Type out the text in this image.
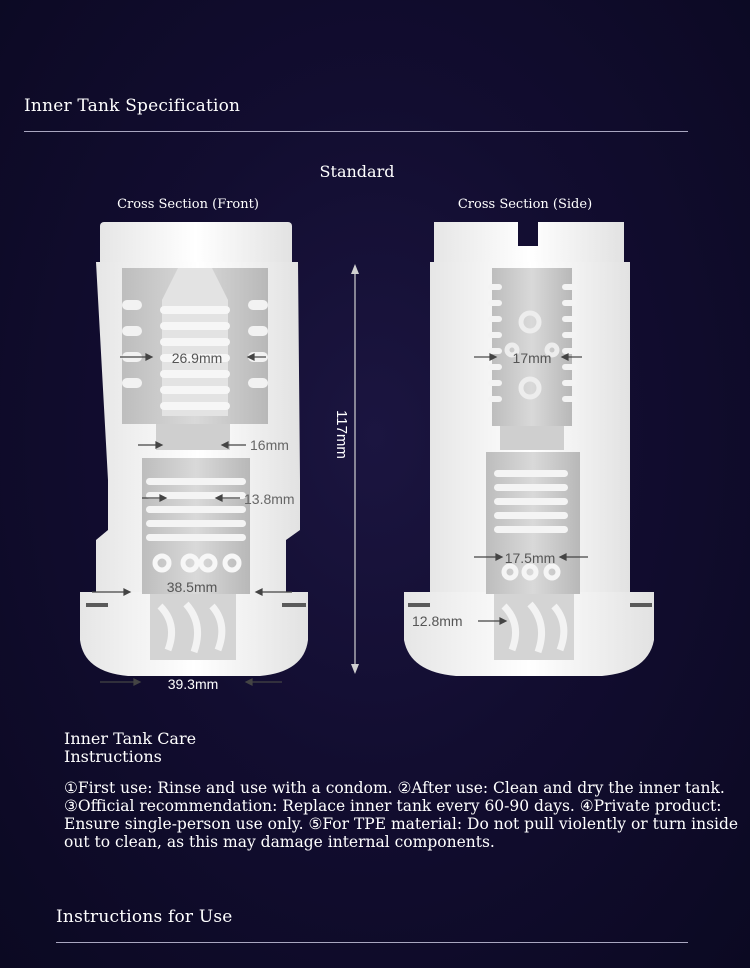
Inner Tank Specification
Standard
Cross Section (Front)	Cross Section (Side)
26.9mm
16mm
13.8mm
38.5mm
39.3mm
117mm
17mm
17.5mm
12.8mm
Inner Tank Care
Instructions
①First use: Rinse and use with a condom. ②After use: Clean and dry the inner tank.
③Official recommendation: Replace inner tank every 60-90 days. ④Private product:
Ensure single-person use only. ⑤For TPE material: Do not pull violently or turn inside
out to clean, as this may damage internal components.
Instructions for Use
